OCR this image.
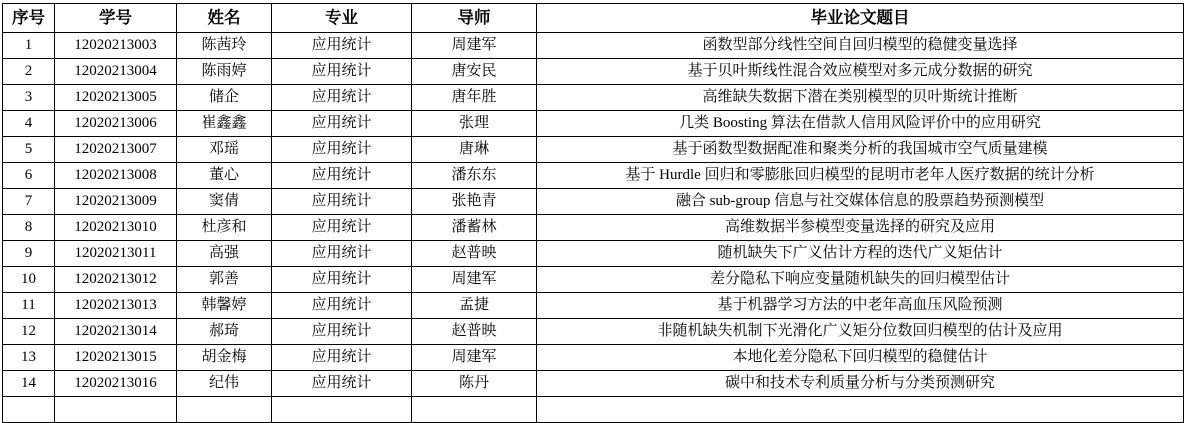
序号	学号	姓名	专业	导师	毕业论文题目
1	12020213003	陈茜玲	应用统计	周建军	函数型部分线性空间自回归模型的稳健变量选择
2	12020213004	陈雨婷	应用统计	唐安民	基于贝叶斯线性混合效应模型对多元成分数据的研究
3	12020213005	储企	应用统计	唐年胜	高维缺失数据下潜在类别模型的贝叶斯统计推断
4	12020213006	崔鑫鑫	应用统计	张理	几类 Boosting 算法在借款人信用风险评价中的应用研究
5	12020213007	邓瑶	应用统计	唐琳	基于函数型数据配准和聚类分析的我国城市空气质量建模
6	12020213008	董心	应用统计	潘东东	基于 Hurdle 回归和零膨胀回归模型的昆明市老年人医疗数据的统计分析
7	12020213009	窦倩	应用统计	张艳青	融合 sub-group 信息与社交媒体信息的股票趋势预测模型
8	12020213010	杜彦和	应用统计	潘蓄林	高维数据半参模型变量选择的研究及应用
9	12020213011	高强	应用统计	赵普映	随机缺失下广义估计方程的迭代广义矩估计
10	12020213012	郭善	应用统计	周建军	差分隐私下响应变量随机缺失的回归模型估计
11	12020213013	韩馨婷	应用统计	孟捷	基于机器学习方法的中老年高血压风险预测
12	12020213014	郝琦	应用统计	赵普映	非随机缺失机制下光滑化广义矩分位数回归模型的估计及应用
13	12020213015	胡金梅	应用统计	周建军	本地化差分隐私下回归模型的稳健估计
14	12020213016	纪伟	应用统计	陈丹	碳中和技术专利质量分析与分类预测研究
